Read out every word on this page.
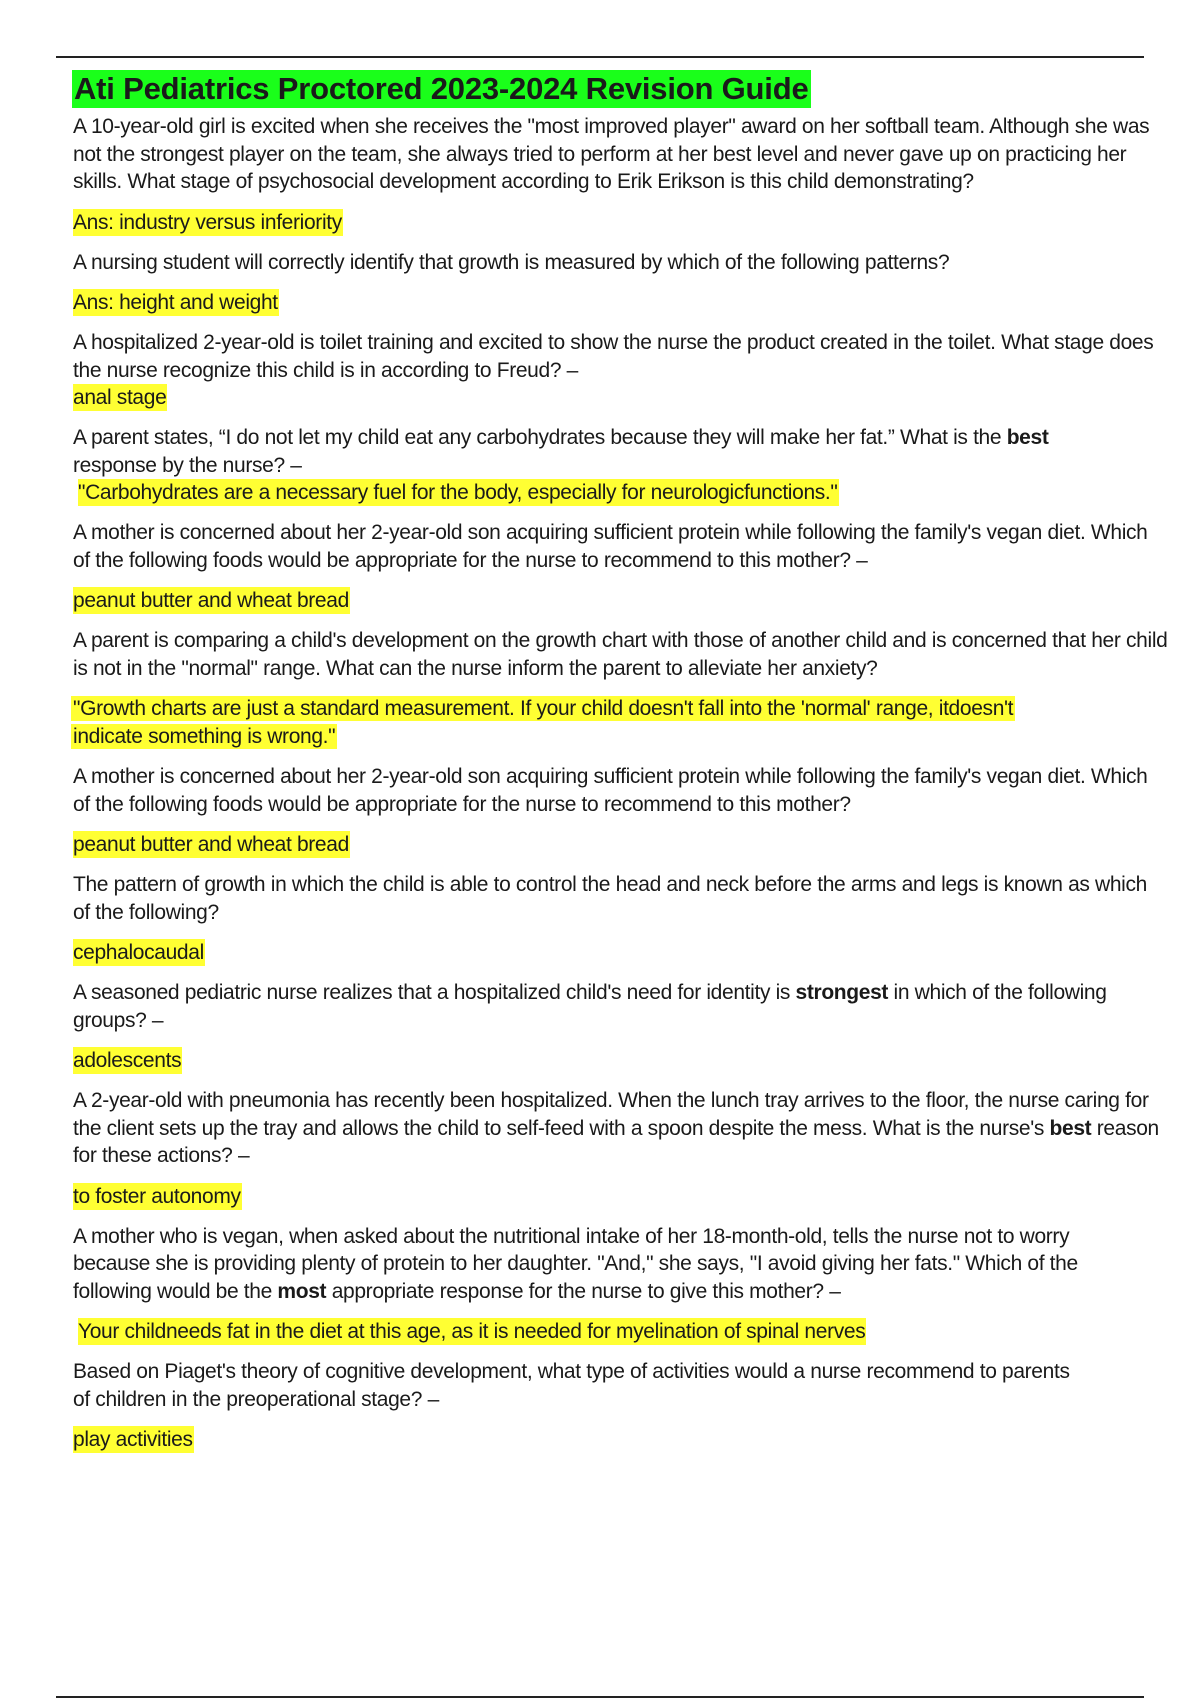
Ati Pediatrics Proctored 2023-2024 Revision Guide
A 10-year-old girl is excited when she receives the "most improved player" award on her softball team. Although she was not the strongest player on the team, she always tried to perform at her best level and never gave up on practicing her skills. What stage of psychosocial development according to Erik Erikson is this child demonstrating?
Ans: industry versus inferiority
A nursing student will correctly identify that growth is measured by which of the following patterns?
Ans: height and weight
A hospitalized 2-year-old is toilet training and excited to show the nurse the product created in the toilet. What stage does the nurse recognize this child is in according to Freud? –
anal stage
A parent states, “I do not let my child eat any carbohydrates because they will make her fat.” What is the best response by the nurse? –
"Carbohydrates are a necessary fuel for the body, especially for neurologicfunctions."
A mother is concerned about her 2-year-old son acquiring sufficient protein while following the family's vegan diet. Which of the following foods would be appropriate for the nurse to recommend to this mother? –
peanut butter and wheat bread
A parent is comparing a child's development on the growth chart with those of another child and is concerned that her child is not in the "normal" range. What can the nurse inform the parent to alleviate her anxiety?
"Growth charts are just a standard measurement. If your child doesn't fall into the 'normal' range, itdoesn't
indicate something is wrong."
A mother is concerned about her 2-year-old son acquiring sufficient protein while following the family's vegan diet. Which of the following foods would be appropriate for the nurse to recommend to this mother?
peanut butter and wheat bread
The pattern of growth in which the child is able to control the head and neck before the arms and legs is known as which of the following?
cephalocaudal
A seasoned pediatric nurse realizes that a hospitalized child's need for identity is strongest in which of the following groups? –
adolescents
A 2-year-old with pneumonia has recently been hospitalized. When the lunch tray arrives to the floor, the nurse caring for the client sets up the tray and allows the child to self-feed with a spoon despite the mess. What is the nurse's best reason for these actions? –
to foster autonomy
A mother who is vegan, when asked about the nutritional intake of her 18-month-old, tells the nurse not to worry because she is providing plenty of protein to her daughter. "And," she says, "I avoid giving her fats." Which of the following would be the most appropriate response for the nurse to give this mother? –
Your childneeds fat in the diet at this age, as it is needed for myelination of spinal nerves
Based on Piaget's theory of cognitive development, what type of activities would a nurse recommend to parents of children in the preoperational stage? –
play activities
